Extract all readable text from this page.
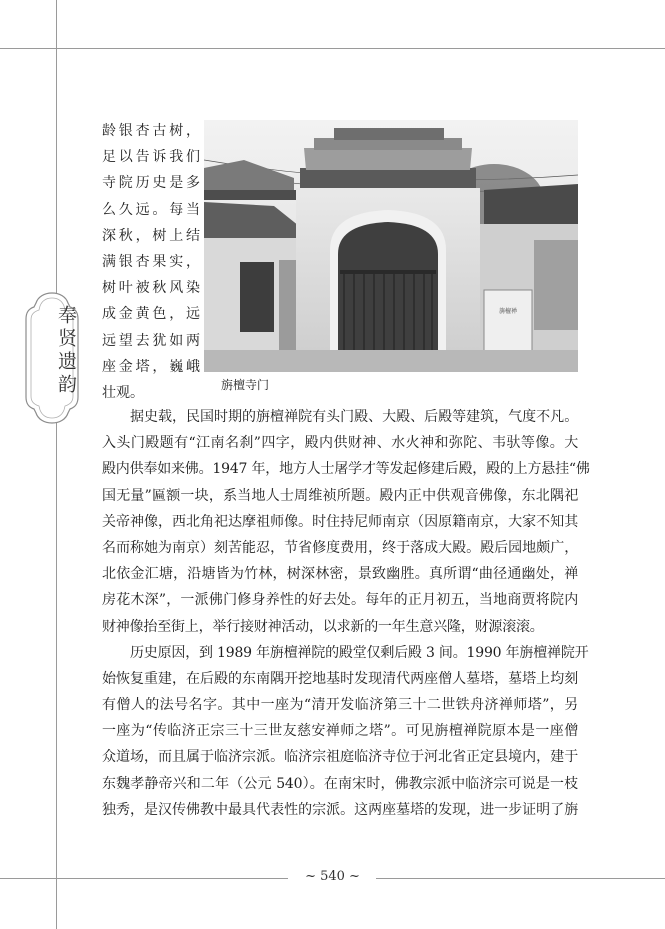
奉
贤
遗
韵

龄银杏古树，

足以告诉我们

寺院历史是多

么久远。每当

深秋，树上结

满银杏果实，

树叶被秋风染

成金黄色，远

远望去犹如两

座金塔，巍峨

壮观。

旃檀禅
旃檀寺门

据史载，民国时期的旃檀禅院有头门殿、大殿、后殿等建筑，气度不凡。

入头门殿题有“江南名刹”四字，殿内供财神、水火神和弥陀、韦驮等像。大

殿内供奉如来佛。1947 年，地方人士屠学才等发起修建后殿，殿的上方悬挂“佛

国无量”匾额一块，系当地人士周维祯所题。殿内正中供观音佛像，东北隅祀

关帝神像，西北角祀达摩祖师像。时住持尼师南京（因原籍南京，大家不知其

名而称她为南京）刻苦能忍，节省修度费用，终于落成大殿。殿后园地颇广，

北依金汇塘，沿塘皆为竹林，树深林密，景致幽胜。真所谓“曲径通幽处，禅

房花木深”，一派佛门修身养性的好去处。每年的正月初五，当地商贾将院内

财神像抬至街上，举行接财神活动，以求新的一年生意兴隆，财源滚滚。

历史原因，到 1989 年旃檀禅院的殿堂仅剩后殿 3 间。1990 年旃檀禅院开

始恢复重建，在后殿的东南隅开挖地基时发现清代两座僧人墓塔，墓塔上均刻

有僧人的法号名字。其中一座为“清开发临济第三十二世铁舟济禅师塔”，另

一座为“传临济正宗三十三世友慈安禅师之塔”。可见旃檀禅院原本是一座僧

众道场，而且属于临济宗派。临济宗祖庭临济寺位于河北省正定县境内，建于

东魏孝静帝兴和二年（公元 540）。在南宋时，佛教宗派中临济宗可说是一枝

独秀，是汉传佛教中最具代表性的宗派。这两座墓塔的发现，进一步证明了旃

~ 540 ~
